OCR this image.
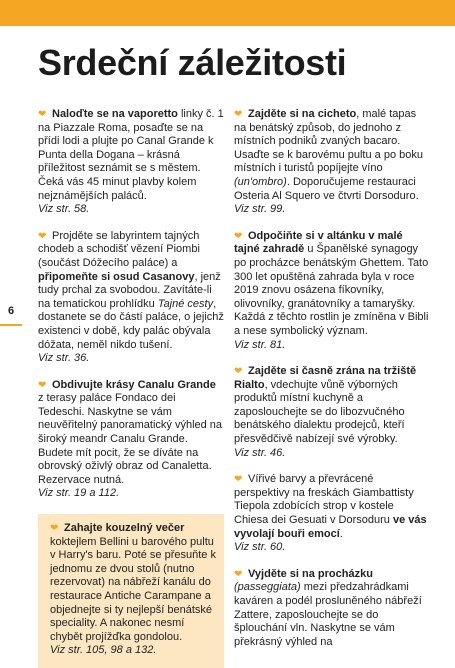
Srdeční záležitosti
6

❤ Naloďte se na vaporetto linky č. 1 na Piazzale Roma, posaďte se na přídi lodi a plujte po Canal Grande k Punta della Dogana – krásná příležitost seznámit se s městem. Čeká vás 45 minut plavby kolem nejznámějších paláců.

Viz str. 58.

❤ Projděte se labyrintem tajných chodeb a schodišť vězení Piombi (součást Dóžecího paláce) a připomeňte si osud Casanovy, jenž tudy prchal za svobodou. Zavítáte-li na tematickou prohlídku Tajné cesty, dostanete se do částí paláce, o jejichž existenci v době, kdy palác obývala dóžata, neměl nikdo tušení.

Viz str. 36.

❤ Obdivujte krásy Canalu Grande z terasy paláce Fondaco dei Tedeschi. Naskytne se vám neuvěřitelný panoramatický výhled na široký meandr Canalu Grande. Budete mít pocit, že se díváte na obrovský oživlý obraz od Canaletta. Rezervace nutná.

Viz str. 19 a 112.

❤ Zahajte kouzelný večer koktejlem Bellini u barového pultu v Harry's baru. Poté se přesuňte k jednomu ze dvou stolů (nutno rezervovat) na nábřeží kanálu do restaurace Antiche Carampane a objednejte si ty nejlepší benátské speciality. A nakonec nesmí chybět projížďka gondolou.

Viz str. 105, 98 a 132.

❤ Zajděte si na cicheto, malé tapas na benátský způsob, do jednoho z místních podniků zvaných bacaro. Usaďte se k barovému pultu a po boku místních i turistů popíjejte víno (un'ombro). Doporučujeme restauraci Osteria Al Squero ve čtvrti Dorsoduro.

Viz str. 99.

❤ Odpočiňte si v altánku v malé tajné zahradě u Španělské synagogy po procházce benátským Ghettem. Tato 300 let opuštěná zahrada byla v roce 2019 znovu osázena fíkovníky, olivovníky, granátovníky a tamaryšky. Každá z těchto rostlin je zmíněna v Bibli a nese symbolický význam.

Viz str. 81.

❤ Zajděte si časně zrána na tržiště Rialto, vdechujte vůně výborných produktů místní kuchyně a zaposlouchejte se do libozvučného benátského dialektu prodejců, kteří přesvědčivě nabízejí své výrobky.

Viz str. 46.

❤ Vířivé barvy a převrácené perspektivy na freskách Giambattisty Tiepola zdobících strop v kostele Chiesa dei Gesuati v Dorsoduru ve vás vyvolají bouři emocí.

Viz str. 60.

❤ Vyjděte si na procházku (passeggiata) mezi předzahrádkami kaváren a podél prosluněného nábřeží Zattere, zaposlouchejte se do šplouchání vln. Naskytne se vám překrásný výhled na
